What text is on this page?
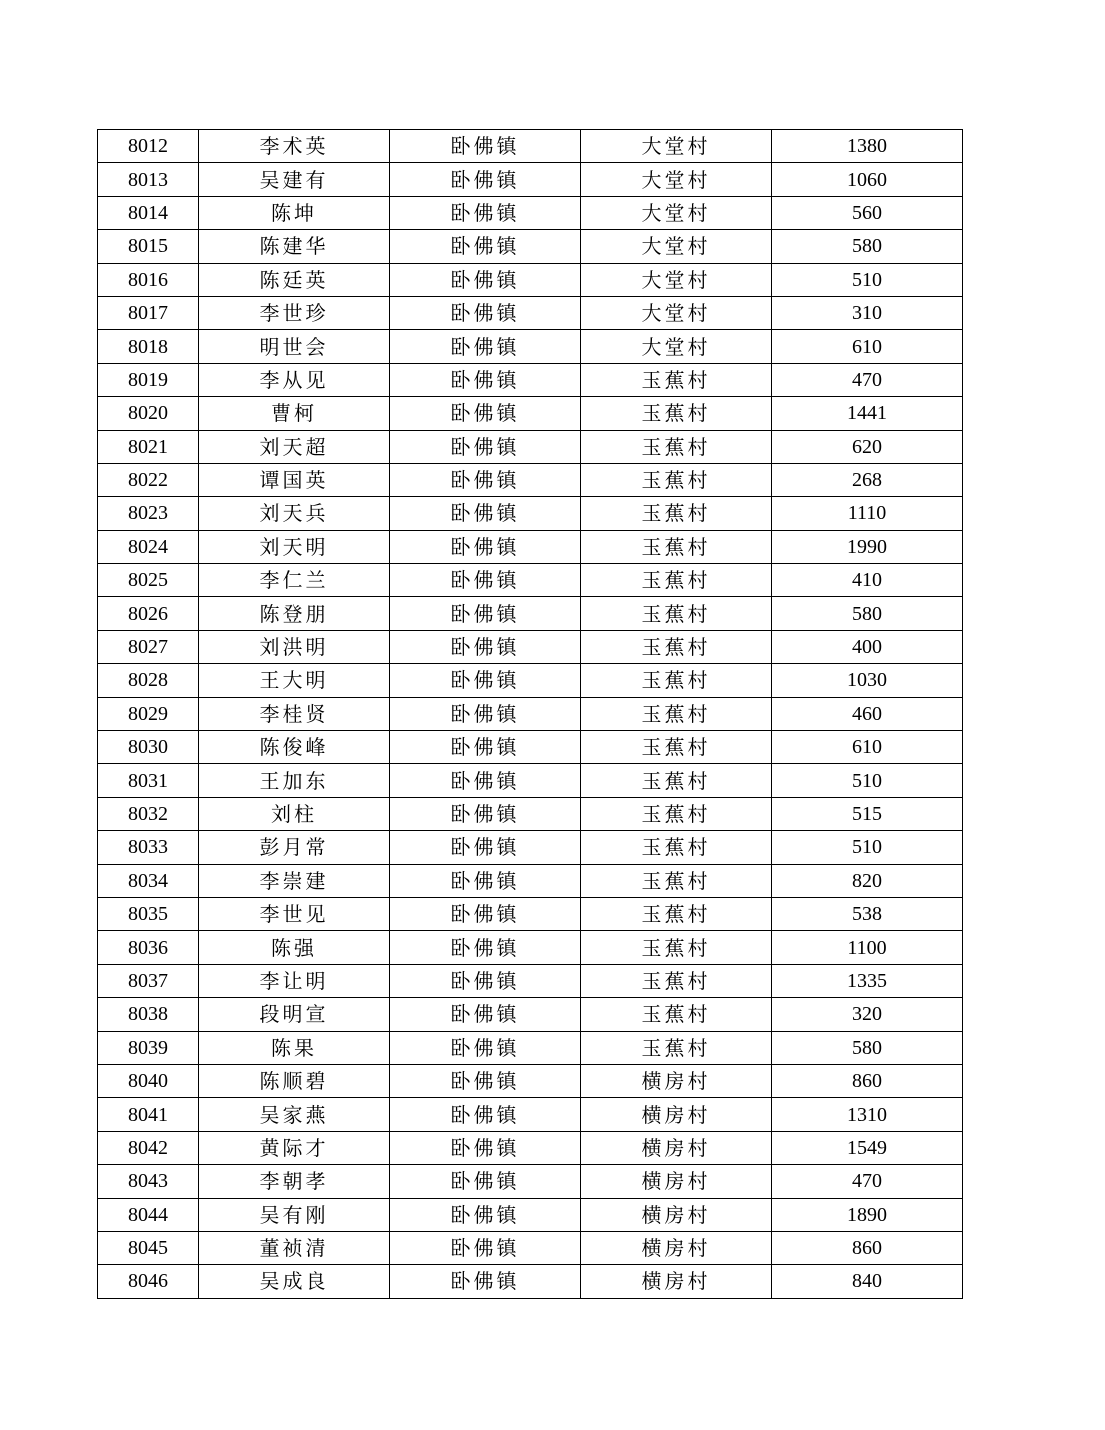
8012	李术英	卧佛镇	大堂村	1380
8013	吴建有	卧佛镇	大堂村	1060
8014	陈坤	卧佛镇	大堂村	560
8015	陈建华	卧佛镇	大堂村	580
8016	陈廷英	卧佛镇	大堂村	510
8017	李世珍	卧佛镇	大堂村	310
8018	明世会	卧佛镇	大堂村	610
8019	李从见	卧佛镇	玉蕉村	470
8020	曹柯	卧佛镇	玉蕉村	1441
8021	刘天超	卧佛镇	玉蕉村	620
8022	谭国英	卧佛镇	玉蕉村	268
8023	刘天兵	卧佛镇	玉蕉村	1110
8024	刘天明	卧佛镇	玉蕉村	1990
8025	李仁兰	卧佛镇	玉蕉村	410
8026	陈登朋	卧佛镇	玉蕉村	580
8027	刘洪明	卧佛镇	玉蕉村	400
8028	王大明	卧佛镇	玉蕉村	1030
8029	李桂贤	卧佛镇	玉蕉村	460
8030	陈俊峰	卧佛镇	玉蕉村	610
8031	王加东	卧佛镇	玉蕉村	510
8032	刘柱	卧佛镇	玉蕉村	515
8033	彭月常	卧佛镇	玉蕉村	510
8034	李崇建	卧佛镇	玉蕉村	820
8035	李世见	卧佛镇	玉蕉村	538
8036	陈强	卧佛镇	玉蕉村	1100
8037	李让明	卧佛镇	玉蕉村	1335
8038	段明宣	卧佛镇	玉蕉村	320
8039	陈果	卧佛镇	玉蕉村	580
8040	陈顺碧	卧佛镇	横房村	860
8041	吴家燕	卧佛镇	横房村	1310
8042	黄际才	卧佛镇	横房村	1549
8043	李朝孝	卧佛镇	横房村	470
8044	吴有刚	卧佛镇	横房村	1890
8045	董祯清	卧佛镇	横房村	860
8046	吴成良	卧佛镇	横房村	840
